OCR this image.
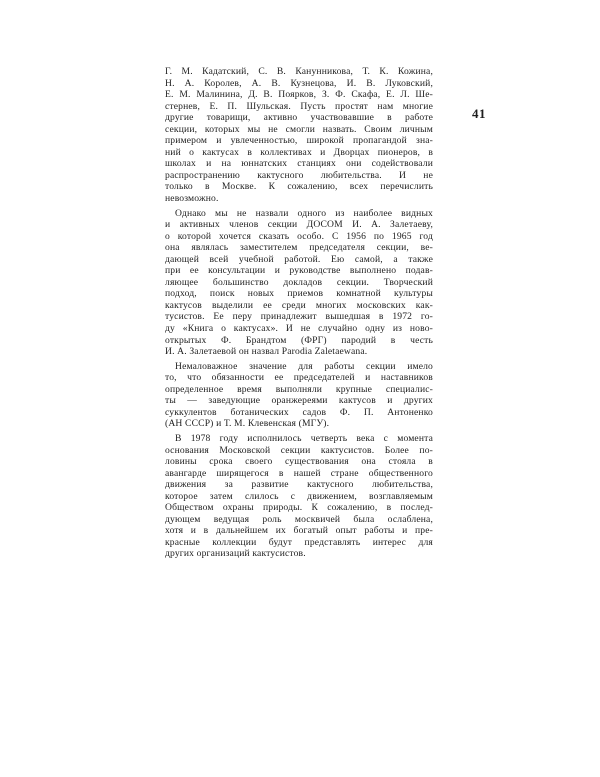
41

Г. М. Кадатский, С. В. Канунникова, Т. К. Кожина,
Н. А. Королев, А. В. Кузнецова, И. В. Луковский,
Е. М. Малинина, Д. В. Поярков, З. Ф. Скафа, Е. Л. Ше-
стернев, Е. П. Шульская. Пусть простят нам многие
другие товарищи, активно участвовавшие в работе
секции, которых мы не смогли назвать. Своим личным
примером и увлеченностью, широкой пропагандой зна-
ний о кактусах в коллективах и Дворцах пионеров, в
школах и на юннатских станциях они содействовали
распространению кактусного любительства. И не
только в Москве. К сожалению, всех перечислить
невозможно.

Однако мы не назвали одного из наиболее видных
и активных членов секции ДОСОМ И. А. Залетаеву,
о которой хочется сказать особо. С 1956 по 1965 год
она являлась заместителем председателя секции, ве-
дающей всей учебной работой. Ею самой, а также
при ее консультации и руководстве выполнено подав-
ляющее большинство докладов секции. Творческий
подход, поиск новых приемов комнатной культуры
кактусов выделили ее среди многих московских как-
тусистов. Ее перу принадлежит вышедшая в 1972 го-
ду «Книга о кактусах». И не случайно одну из ново-
открытых Ф. Брандтом (ФРГ) пародий в честь
И. А. Залетаевой он назвал Parodia Zaletaewana.

Немаловажное значение для работы секции имело
то, что обязанности ее председателей и наставников
определенное время выполняли крупные специалис-
ты — заведующие оранжереями кактусов и других
суккулентов ботанических садов Ф. П. Антоненко
(АН СССР) и Т. М. Клевенская (МГУ).

В 1978 году исполнилось четверть века с момента
основания Московской секции кактусистов. Более по-
ловины срока своего существования она стояла в
авангарде ширящегося в нашей стране общественного
движения за развитие кактусного любительства,
которое затем слилось с движением, возглавляемым
Обществом охраны природы. К сожалению, в послед-
дующем ведущая роль москвичей была ослаблена,
хотя и в дальнейшем их богатый опыт работы и пре-
красные коллекции будут представлять интерес для
других организаций кактусистов.
